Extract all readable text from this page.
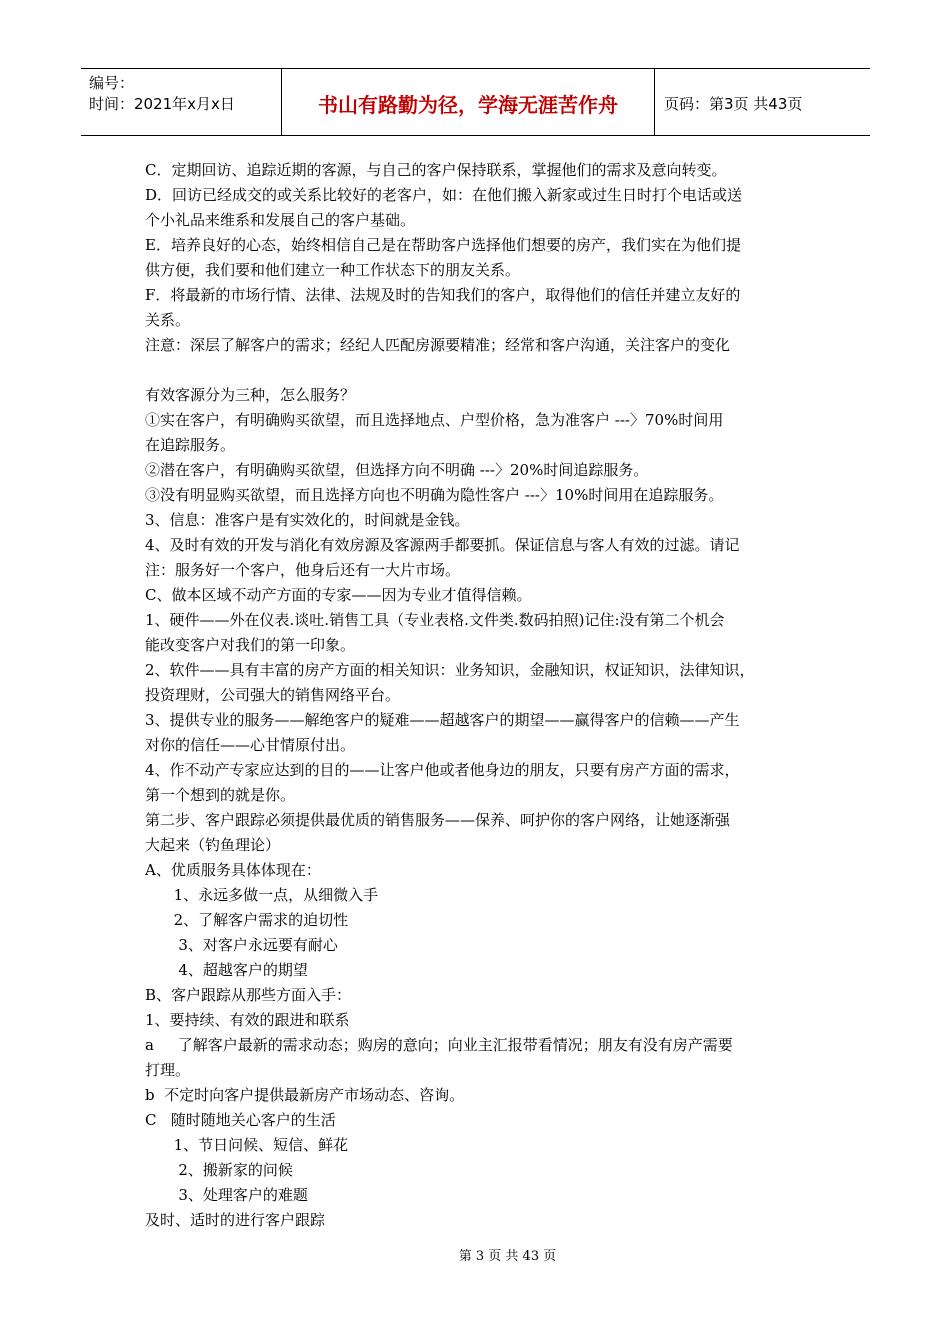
编号：
时间：2021年x月x日	书山有路勤为径，学海无涯苦作舟	页码：第3页 共43页
C．定期回访、追踪近期的客源，与自己的客户保持联系，掌握他们的需求及意向转变。
D．回访已经成交的或关系比较好的老客户，如：在他们搬入新家或过生日时打个电话或送
个小礼品来维系和发展自己的客户基础。
E．培养良好的心态，始终相信自己是在帮助客户选择他们想要的房产，我们实在为他们提
供方便，我们要和他们建立一种工作状态下的朋友关系。
F．将最新的市场行情、法律、法规及时的告知我们的客户，取得他们的信任并建立友好的
关系。
注意：深层了解客户的需求；经纪人匹配房源要精准；经常和客户沟通，关注客户的变化
有效客源分为三种，怎么服务？
①实在客户，有明确购买欲望，而且选择地点、户型价格，急为准客户 ---〉70%时间用
在追踪服务。
②潜在客户，有明确购买欲望，但选择方向不明确 ---〉20%时间追踪服务。
③没有明显购买欲望，而且选择方向也不明确为隐性客户 ---〉10%时间用在追踪服务。
3、信息：准客户是有实效化的，时间就是金钱。
4、及时有效的开发与消化有效房源及客源两手都要抓。保证信息与客人有效的过滤。请记
注：服务好一个客户，他身后还有一大片市场。
C、做本区域不动产方面的专家——因为专业才值得信赖。
1、硬件——外在仪表.谈吐.销售工具（专业表格.文件类.数码拍照)记住:没有第二个机会
能改变客户对我们的第一印象。
2、软件——具有丰富的房产方面的相关知识：业务知识，金融知识，权证知识，法律知识，
投资理财，公司强大的销售网络平台。
3、提供专业的服务——解绝客户的疑难——超越客户的期望——赢得客户的信赖——产生
对你的信任——心甘情原付出。
4、作不动产专家应达到的目的——让客户他或者他身边的朋友，只要有房产方面的需求，
第一个想到的就是你。
第二步、客户跟踪必须提供最优质的销售服务——保养、呵护你的客户网络，让她逐渐强
大起来（钓鱼理论）
A、优质服务具体体现在：
1、永远多做一点，从细微入手
2、了解客户需求的迫切性
3、对客户永远要有耐心
4、超越客户的期望
B、客户跟踪从那些方面入手：
1、要持续、有效的跟进和联系
a     了解客户最新的需求动态；购房的意向；向业主汇报带看情况；朋友有没有房产需要
打理。
b  不定时向客户提供最新房产市场动态、咨询。
C   随时随地关心客户的生活
1、节日问候、短信、鲜花
2、搬新家的问候
3、处理客户的难题
及时、适时的进行客户跟踪
第 3 页 共 43 页
